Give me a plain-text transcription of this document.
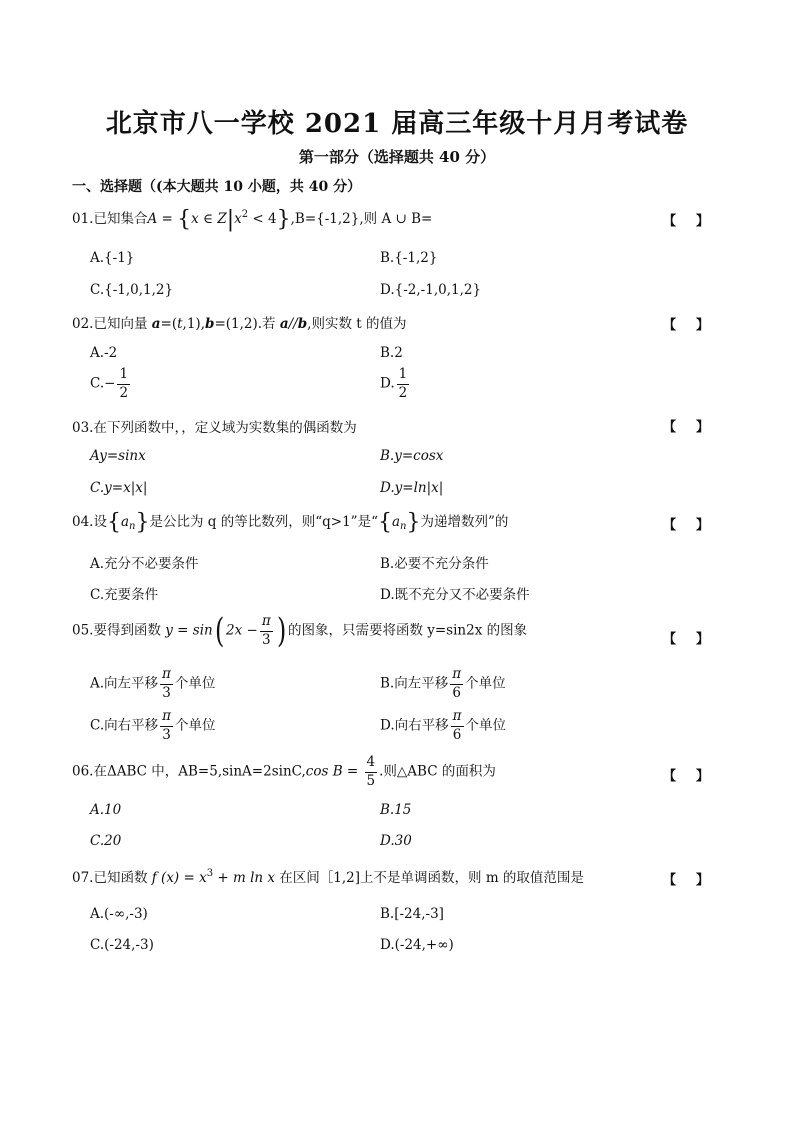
北京市八一学校 2021 届高三年级十月月考试卷
第一部分（选择题共 40 分）
一、选择题（(本大题共 10 小题，共 40 分）
01.已知集合A = {x ∈ $Z|x^2 < 4\},B=\{-1,2\}$,则 A ∪ B=	【 】
A.{-1}	B.{-1,2}
C.{-1,0,1,2}	D.{-2,-1,0,1,2}
02.已知向量 a=(t,1),b=(1,2).若 a//b,则实数 t 的值为	【 】
A.-2	B.2
$C.- \frac{1}{2}$	D. $\frac{1}{2}$
03.在下列函数中，，定义域为实数集的偶函数为	【 】
Ay=sinx	B.y=cosx
C.y=x|x|	D.y=ln|x|
04.设$\{a_n\}$是公比为 q 的等比数列，则“q>1”是“$\{a_n\}$为递增数列”的	【 】
A.充分不必要条件	B.必要不充分条件
C.充要条件	D.既不充分又不必要条件
05.要得到函数 y = sin( $2x - \frac{\pi}{3}$ ) 的图象，只需要将函数 y=sin2x 的图象
【 】
A.向左平移 $\frac{\pi}{3}$ 个单位	B.向左平移 $\frac{\pi}{6}$ 个单位
C.向右平移 $\frac{\pi}{3}$ 个单位	D.向右平移 $\frac{\pi}{6}$ 个单位
06.在ΔABC 中，AB=5,sinA=2sinC,cos $B = \frac{4}{5}$ .则△ABC 的面积为	【 】
A.10	B.15
C.20	D.30
07.已知函数 f $(x) = x^3 + m$ ln x 在区间［1,2]上不是单调函数，则 m 的取值范围是	【 】
A.(-∞,-3)	B.[-24,-3]
C.(-24,-3)	D.(-24,+∞)
